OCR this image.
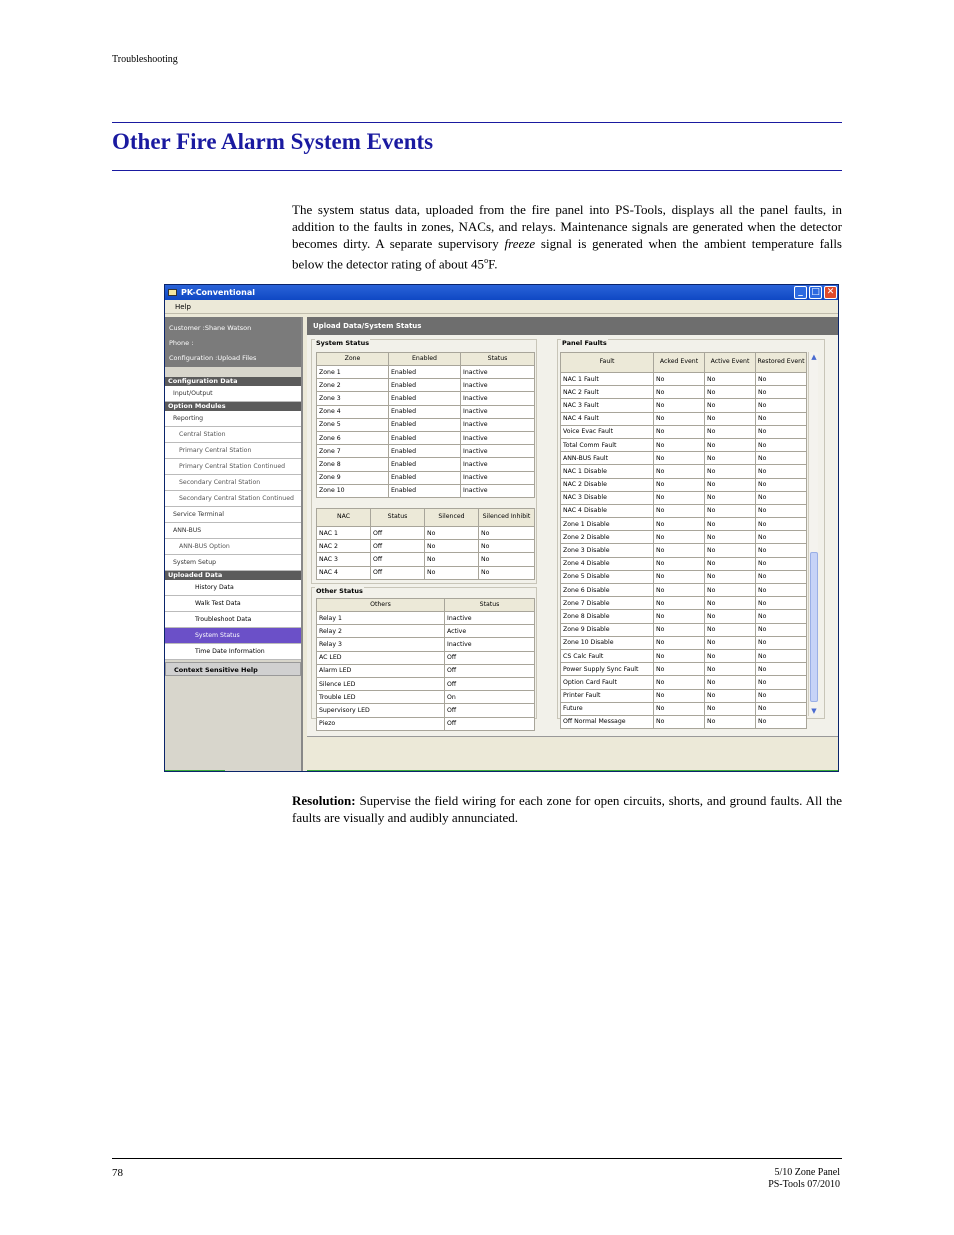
Troubleshooting
Other Fire Alarm System Events

The system status data, uploaded from the fire panel into PS-Tools, displays all the panel faults, in addition to the faults in zones, NACs, and relays. Maintenance signals are generated when the detector becomes dirty. A separate supervisory freeze signal is generated when the ambient temperature falls below the detector rating of about 45$^o$F.

PK-Conventional	_ □ ✕
Help
Customer :Shane Watson
Phone :
Configuration :Upload Files
Configuration Data
Input/Output
Option Modules
Reporting
Central Station
Primary Central Station
Primary Central Station Continued
Secondary Central Station
Secondary Central Station Continued
Service Terminal
ANN-BUS
ANN-BUS Option
System Setup
Uploaded Data
History Data
Walk Test Data
Troubleshoot Data
System Status
Time Date Information
Context Sensitive Help
Upload Data/System Status
System Status
Zone	Enabled	Status
Zone 1	Enabled	Inactive
Zone 2	Enabled	Inactive
Zone 3	Enabled	Inactive
Zone 4	Enabled	Inactive
Zone 5	Enabled	Inactive
Zone 6	Enabled	Inactive
Zone 7	Enabled	Inactive
Zone 8	Enabled	Inactive
Zone 9	Enabled	Inactive
Zone 10	Enabled	Inactive
NAC	Status	Silenced	Silenced Inhibit
NAC 1	Off	No	No
NAC 2	Off	No	No
NAC 3	Off	No	No
NAC 4	Off	No	No
Other Status
Others	Status
Relay 1	Inactive
Relay 2	Active
Relay 3	Inactive
AC LED	Off
Alarm LED	Off
Silence LED	Off
Trouble LED	On
Supervisory LED	Off
Piezo	Off
Panel Faults
Fault	Acked Event	Active Event	Restored Event
NAC 1 Fault	No	No	No
NAC 2 Fault	No	No	No
NAC 3 Fault	No	No	No
NAC 4 Fault	No	No	No
Voice Evac Fault	No	No	No
Total Comm Fault	No	No	No
ANN-BUS Fault	No	No	No
NAC 1 Disable	No	No	No
NAC 2 Disable	No	No	No
NAC 3 Disable	No	No	No
NAC 4 Disable	No	No	No
Zone 1 Disable	No	No	No
Zone 2 Disable	No	No	No
Zone 3 Disable	No	No	No
Zone 4 Disable	No	No	No
Zone 5 Disable	No	No	No
Zone 6 Disable	No	No	No
Zone 7 Disable	No	No	No
Zone 8 Disable	No	No	No
Zone 9 Disable	No	No	No
Zone 10 Disable	No	No	No
CS Calc Fault	No	No	No
Power Supply Sync Fault	No	No	No
Option Card Fault	No	No	No
Printer Fault	No	No	No
Future	No	No	No
Off Normal Message	No	No	No
▲
▼

Resolution: Supervise the field wiring for each zone for open circuits, shorts, and ground faults. All the faults are visually and audibly annunciated.

78	5/10 Zone Panel
PS-Tools 07/2010
